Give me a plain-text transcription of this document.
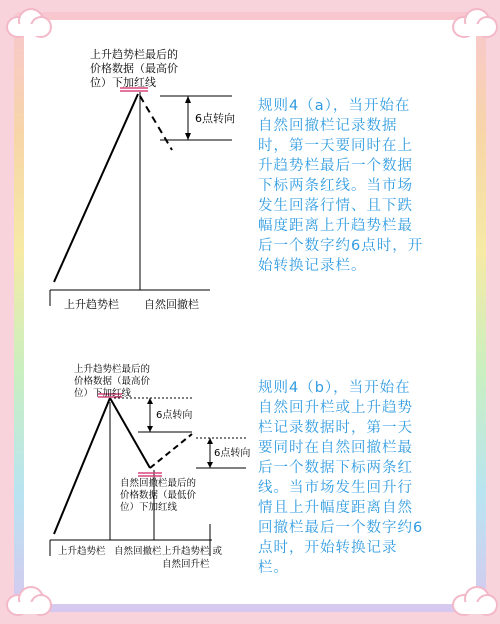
6点转向
上升趋势栏最后的
价格数据（最高价
位）下加红线
上升趋势栏 自然回撤栏
6点转向
6点转向
上升趋势栏最后的
价格数据（最高价
位）下加红线
自然回撤栏最后的
价格数据（最低价
位）下加红线
上升趋势栏 自然回撤栏 上升趋势栏 或
自然回升栏

规则4（a），当开始在
自然回撤栏记录数据
时，第一天要同时在上
升趋势栏最后一个数据
下标两条红线。当市场
发生回落行情、且下跌
幅度距离上升趋势栏最
后一个数字约6点时，开
始转换记录栏。

规则4（b），当开始在
自然回升栏或上升趋势
栏记录数据时，第一天
要同时在自然回撤栏最
后一个数据下标两条红
线。当市场发生回升行
情且上升幅度距离自然
回撤栏最后一个数字约6
点时，开始转换记录
栏。
